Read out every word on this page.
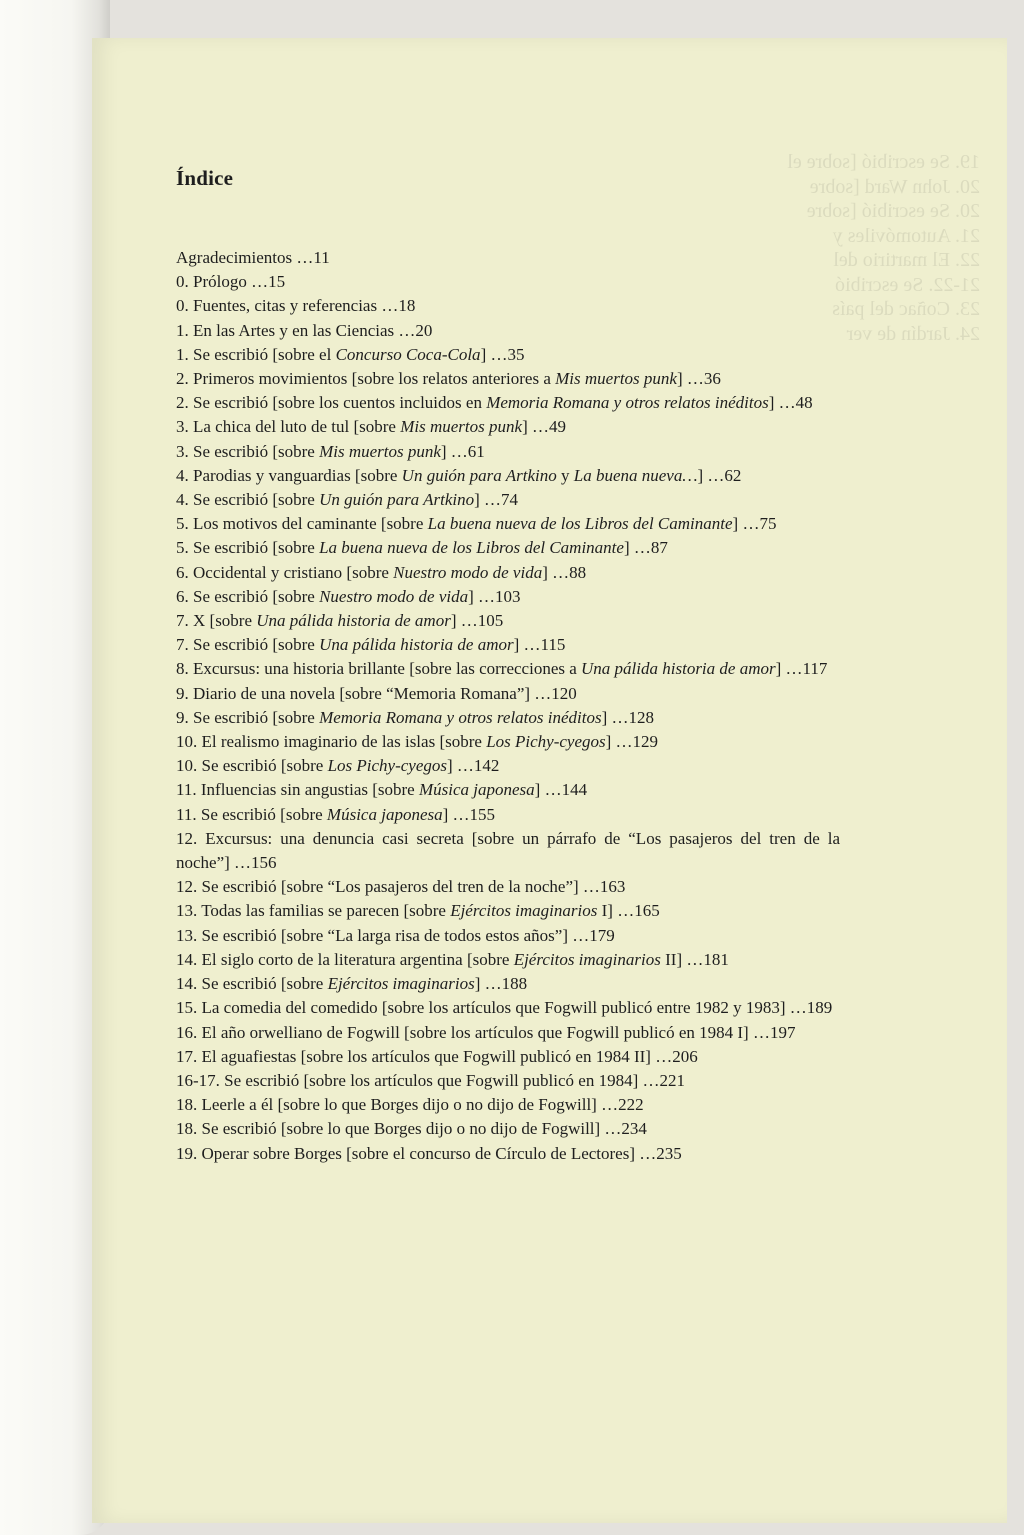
19. Se escribió [sobre el
20. John Ward [sobre
20. Se escribió [sobre
21. Automóviles y
22. El martirio del
21-22. Se escribió
23. Coñac del país
24. Jardín de ver
Índice
Agradecimientos …11
0. Prólogo …15
0. Fuentes, citas y referencias …18
1. En las Artes y en las Ciencias …20
1. Se escribió [sobre el Concurso Coca-Cola] …35
2. Primeros movimientos [sobre los relatos anteriores a Mis muertos punk] …36
2. Se escribió [sobre los cuentos incluidos en Memoria Romana y otros relatos inéditos] …48
3. La chica del luto de tul [sobre Mis muertos punk] …49
3. Se escribió [sobre Mis muertos punk] …61
4. Parodias y vanguardias [sobre Un guión para Artkino y La buena nueva…] …62
4. Se escribió [sobre Un guión para Artkino] …74
5. Los motivos del caminante [sobre La buena nueva de los Libros del Caminante] …75
5. Se escribió [sobre La buena nueva de los Libros del Caminante] …87
6. Occidental y cristiano [sobre Nuestro modo de vida] …88
6. Se escribió [sobre Nuestro modo de vida] …103
7. X [sobre Una pálida historia de amor] …105
7. Se escribió [sobre Una pálida historia de amor] …115
8. Excursus: una historia brillante [sobre las correcciones a Una pálida historia de amor] …117
9. Diario de una novela [sobre “Memoria Romana”] …120
9. Se escribió [sobre Memoria Romana y otros relatos inéditos] …128
10. El realismo imaginario de las islas [sobre Los Pichy-cyegos] …129
10. Se escribió [sobre Los Pichy-cyegos] …142
11. Influencias sin angustias [sobre Música japonesa] …144
11. Se escribió [sobre Música japonesa] …155
12. Excursus: una denuncia casi secreta [sobre un párrafo de “Los pasajeros del tren de la noche”] …156
12. Se escribió [sobre “Los pasajeros del tren de la noche”] …163
13. Todas las familias se parecen [sobre Ejércitos imaginarios I] …165
13. Se escribió [sobre “La larga risa de todos estos años”] …179
14. El siglo corto de la literatura argentina [sobre Ejércitos imaginarios II] …181
14. Se escribió [sobre Ejércitos imaginarios] …188
15. La comedia del comedido [sobre los artículos que Fogwill publicó entre 1982 y 1983] …189
16. El año orwelliano de Fogwill [sobre los artículos que Fogwill publicó en 1984 I] …197
17. El aguafiestas [sobre los artículos que Fogwill publicó en 1984 II] …206
16-17. Se escribió [sobre los artículos que Fogwill publicó en 1984] …221
18. Leerle a él [sobre lo que Borges dijo o no dijo de Fogwill] …222
18. Se escribió [sobre lo que Borges dijo o no dijo de Fogwill] …234
19. Operar sobre Borges [sobre el concurso de Círculo de Lectores] …235
